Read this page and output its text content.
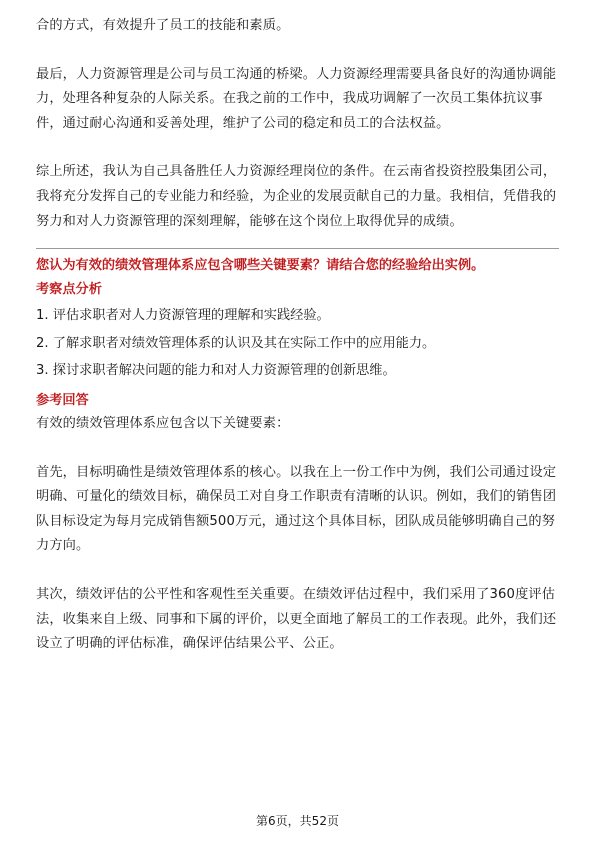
合的方式，有效提升了员工的技能和素质。

最后，人力资源管理是公司与员工沟通的桥梁。人力资源经理需要具备良好的沟通协调能力，处理各种复杂的人际关系。在我之前的工作中，我成功调解了一次员工集体抗议事件，通过耐心沟通和妥善处理，维护了公司的稳定和员工的合法权益。

综上所述，我认为自己具备胜任人力资源经理岗位的条件。在云南省投资控股集团公司，我将充分发挥自己的专业能力和经验，为企业的发展贡献自己的力量。我相信，凭借我的努力和对人力资源管理的深刻理解，能够在这个岗位上取得优异的成绩。

您认为有效的绩效管理体系应包含哪些关键要素？请结合您的经验给出实例。

考察点分析

1. 评估求职者对人力资源管理的理解和实践经验。

2. 了解求职者对绩效管理体系的认识及其在实际工作中的应用能力。

3. 探讨求职者解决问题的能力和对人力资源管理的创新思维。

参考回答

有效的绩效管理体系应包含以下关键要素：

首先，目标明确性是绩效管理体系的核心。以我在上一份工作中为例，我们公司通过设定明确、可量化的绩效目标，确保员工对自身工作职责有清晰的认识。例如，我们的销售团队目标设定为每月完成销售额500万元，通过这个具体目标，团队成员能够明确自己的努力方向。

其次，绩效评估的公平性和客观性至关重要。在绩效评估过程中，我们采用了360度评估法，收集来自上级、同事和下属的评价，以更全面地了解员工的工作表现。此外，我们还设立了明确的评估标准，确保评估结果公平、公正。

第6页，共52页
